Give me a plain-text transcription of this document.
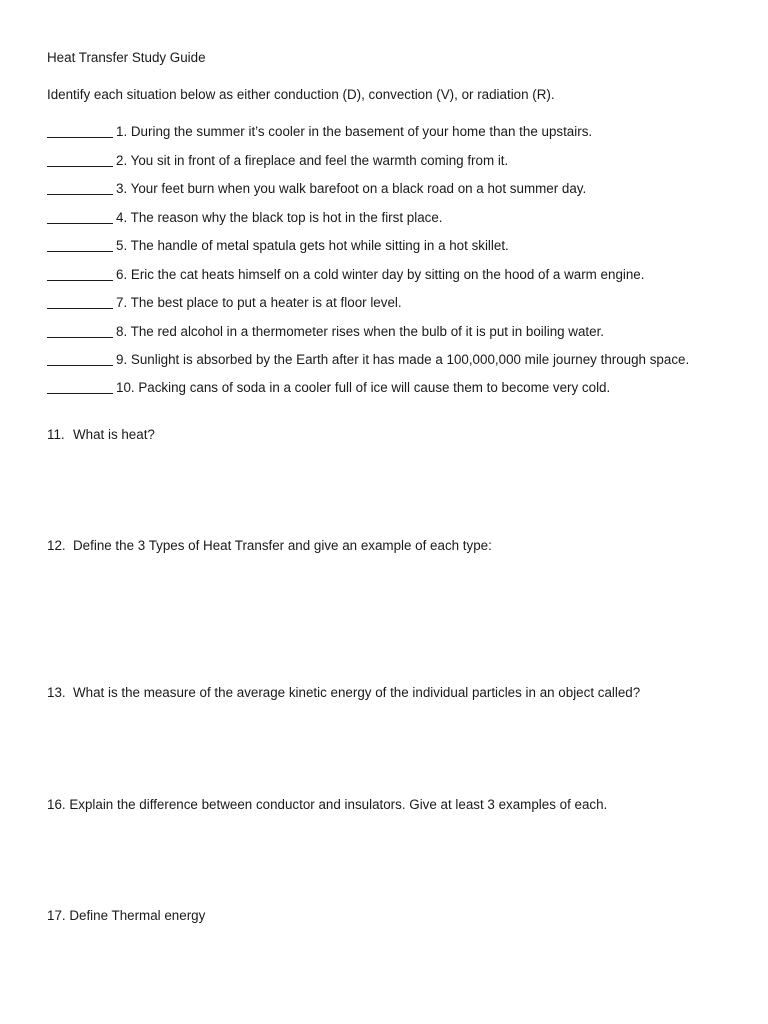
Heat Transfer Study Guide
Identify each situation below as either conduction (D), convection (V), or radiation (R).
1. During the summer it’s cooler in the basement of your home than the upstairs.
2. You sit in front of a fireplace and feel the warmth coming from it.
3. Your feet burn when you walk barefoot on a black road on a hot summer day.
4. The reason why the black top is hot in the first place.
5. The handle of metal spatula gets hot while sitting in a hot skillet.
6. Eric the cat heats himself on a cold winter day by sitting on the hood of a warm engine.
7. The best place to put a heater is at floor level.
8. The red alcohol in a thermometer rises when the bulb of it is put in boiling water.
9. Sunlight is absorbed by the Earth after it has made a 100,000,000 mile journey through space.
10. Packing cans of soda in a cooler full of ice will cause them to become very cold.
11. What is heat?
12. Define the 3 Types of Heat Transfer and give an example of each type:
13. What is the measure of the average kinetic energy of the individual particles in an object called?
16. Explain the difference between conductor and insulators. Give at least 3 examples of each.
17. Define Thermal energy
